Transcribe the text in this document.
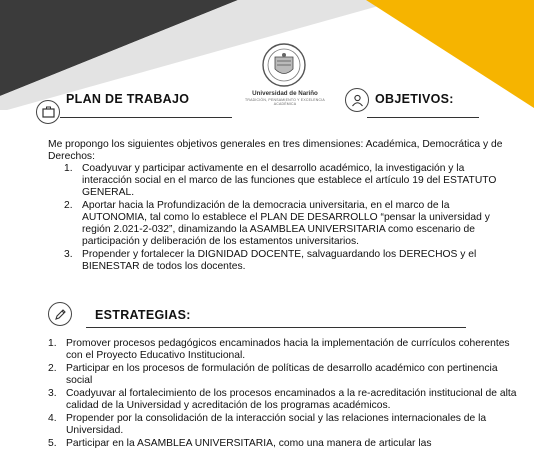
Universidad de Nariño
TRADICIÓN, PENSAMIENTO Y EXCELENCIA ACADÉMICA
PLAN DE TRABAJO	OBJETIVOS:
Me propongo los siguientes objetivos generales en tres dimensiones: Académica, Democrática y de Derechos:
1. Coadyuvar y participar activamente en el desarrollo académico, la investigación y la interacción social en el marco de las funciones que establece el artículo 19 del ESTATUTO GENERAL.
2. Aportar hacia la Profundización de la democracia universitaria, en el marco de la AUTONOMIA, tal como lo establece el PLAN DE DESARROLLO “pensar la universidad y región 2.021-2-032”, dinamizando la ASAMBLEA UNIVERSITARIA como escenario de participación y deliberación de los estamentos universitarios.
3. Propender y fortalecer la DIGNIDAD DOCENTE, salvaguardando los DERECHOS y el BIENESTAR de todos los docentes.
ESTRATEGIAS:
1. Promover procesos pedagógicos encaminados hacia la implementación de currículos coherentes con el Proyecto Educativo Institucional.
2. Participar en los procesos de formulación de políticas de desarrollo académico con pertinencia social
3. Coadyuvar al fortalecimiento de los procesos encaminados a la re-acreditación institucional de alta calidad de la Universidad y acreditación de los programas académicos.
4. Propender por la consolidación de la interacción social y las relaciones internacionales de la Universidad.
5. Participar en la ASAMBLEA UNIVERSITARIA, como una manera de articular las
